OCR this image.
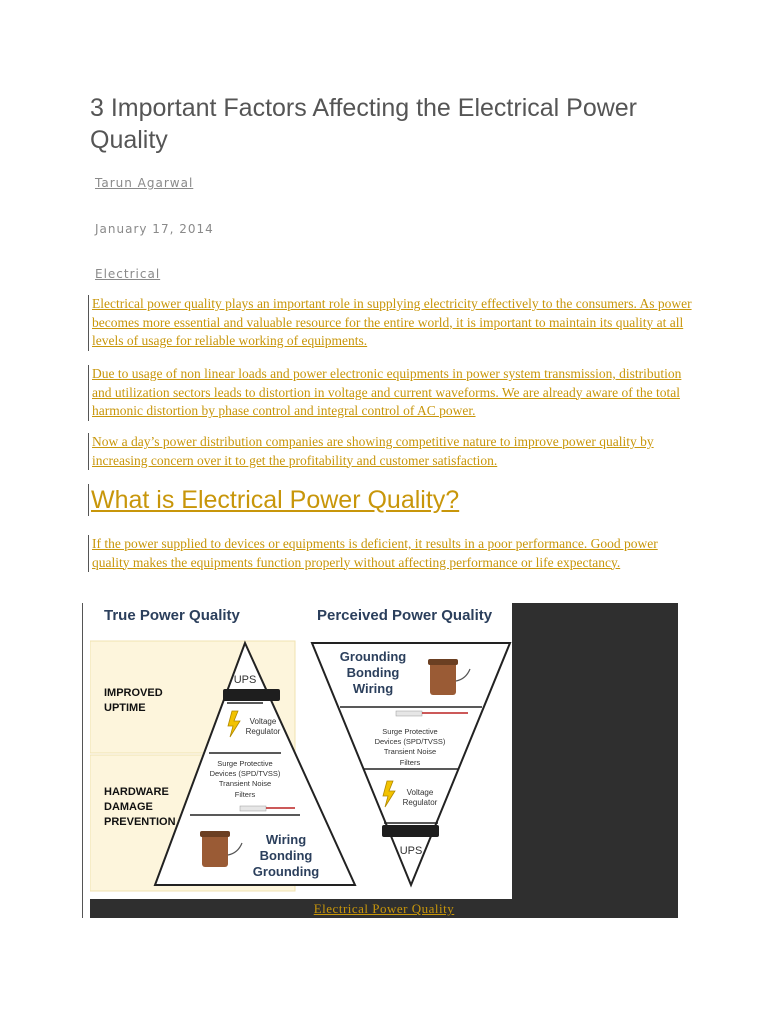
3 Important Factors Affecting the Electrical Power Quality
Tarun Agarwal
January 17, 2014
Electrical

Electrical power quality plays an important role in supplying electricity effectively to the consumers. As power becomes more essential and valuable resource for the entire world, it is important to maintain its quality at all levels of usage for reliable working of equipments.

Due to usage of non linear loads and power electronic equipments in power system transmission, distribution and utilization sectors leads to distortion in voltage and current waveforms. We are already aware of the total harmonic distortion by phase control and integral control of AC power.

Now a day’s power distribution companies are showing competitive nature to improve power quality by increasing concern over it to get the profitability and customer satisfaction.

What is Electrical Power Quality?

If the power supplied to devices or equipments is deficient, it results in a poor performance. Good power quality makes the equipments function properly without affecting performance or life expectancy.

True Power Quality	Perceived Power Quality
IMPROVED
UPTIME
HARDWARE
DAMAGE
PREVENTION
UPS
Voltage
Regulator
Surge Protective
Devices (SPD/TVSS)
Transient Noise
Filters
Wiring
Bonding
Grounding
Grounding
Bonding
Wiring
Surge Protective
Devices (SPD/TVSS)
Transient Noise
Filters
Voltage
Regulator
UPS
Electrical Power Quality
